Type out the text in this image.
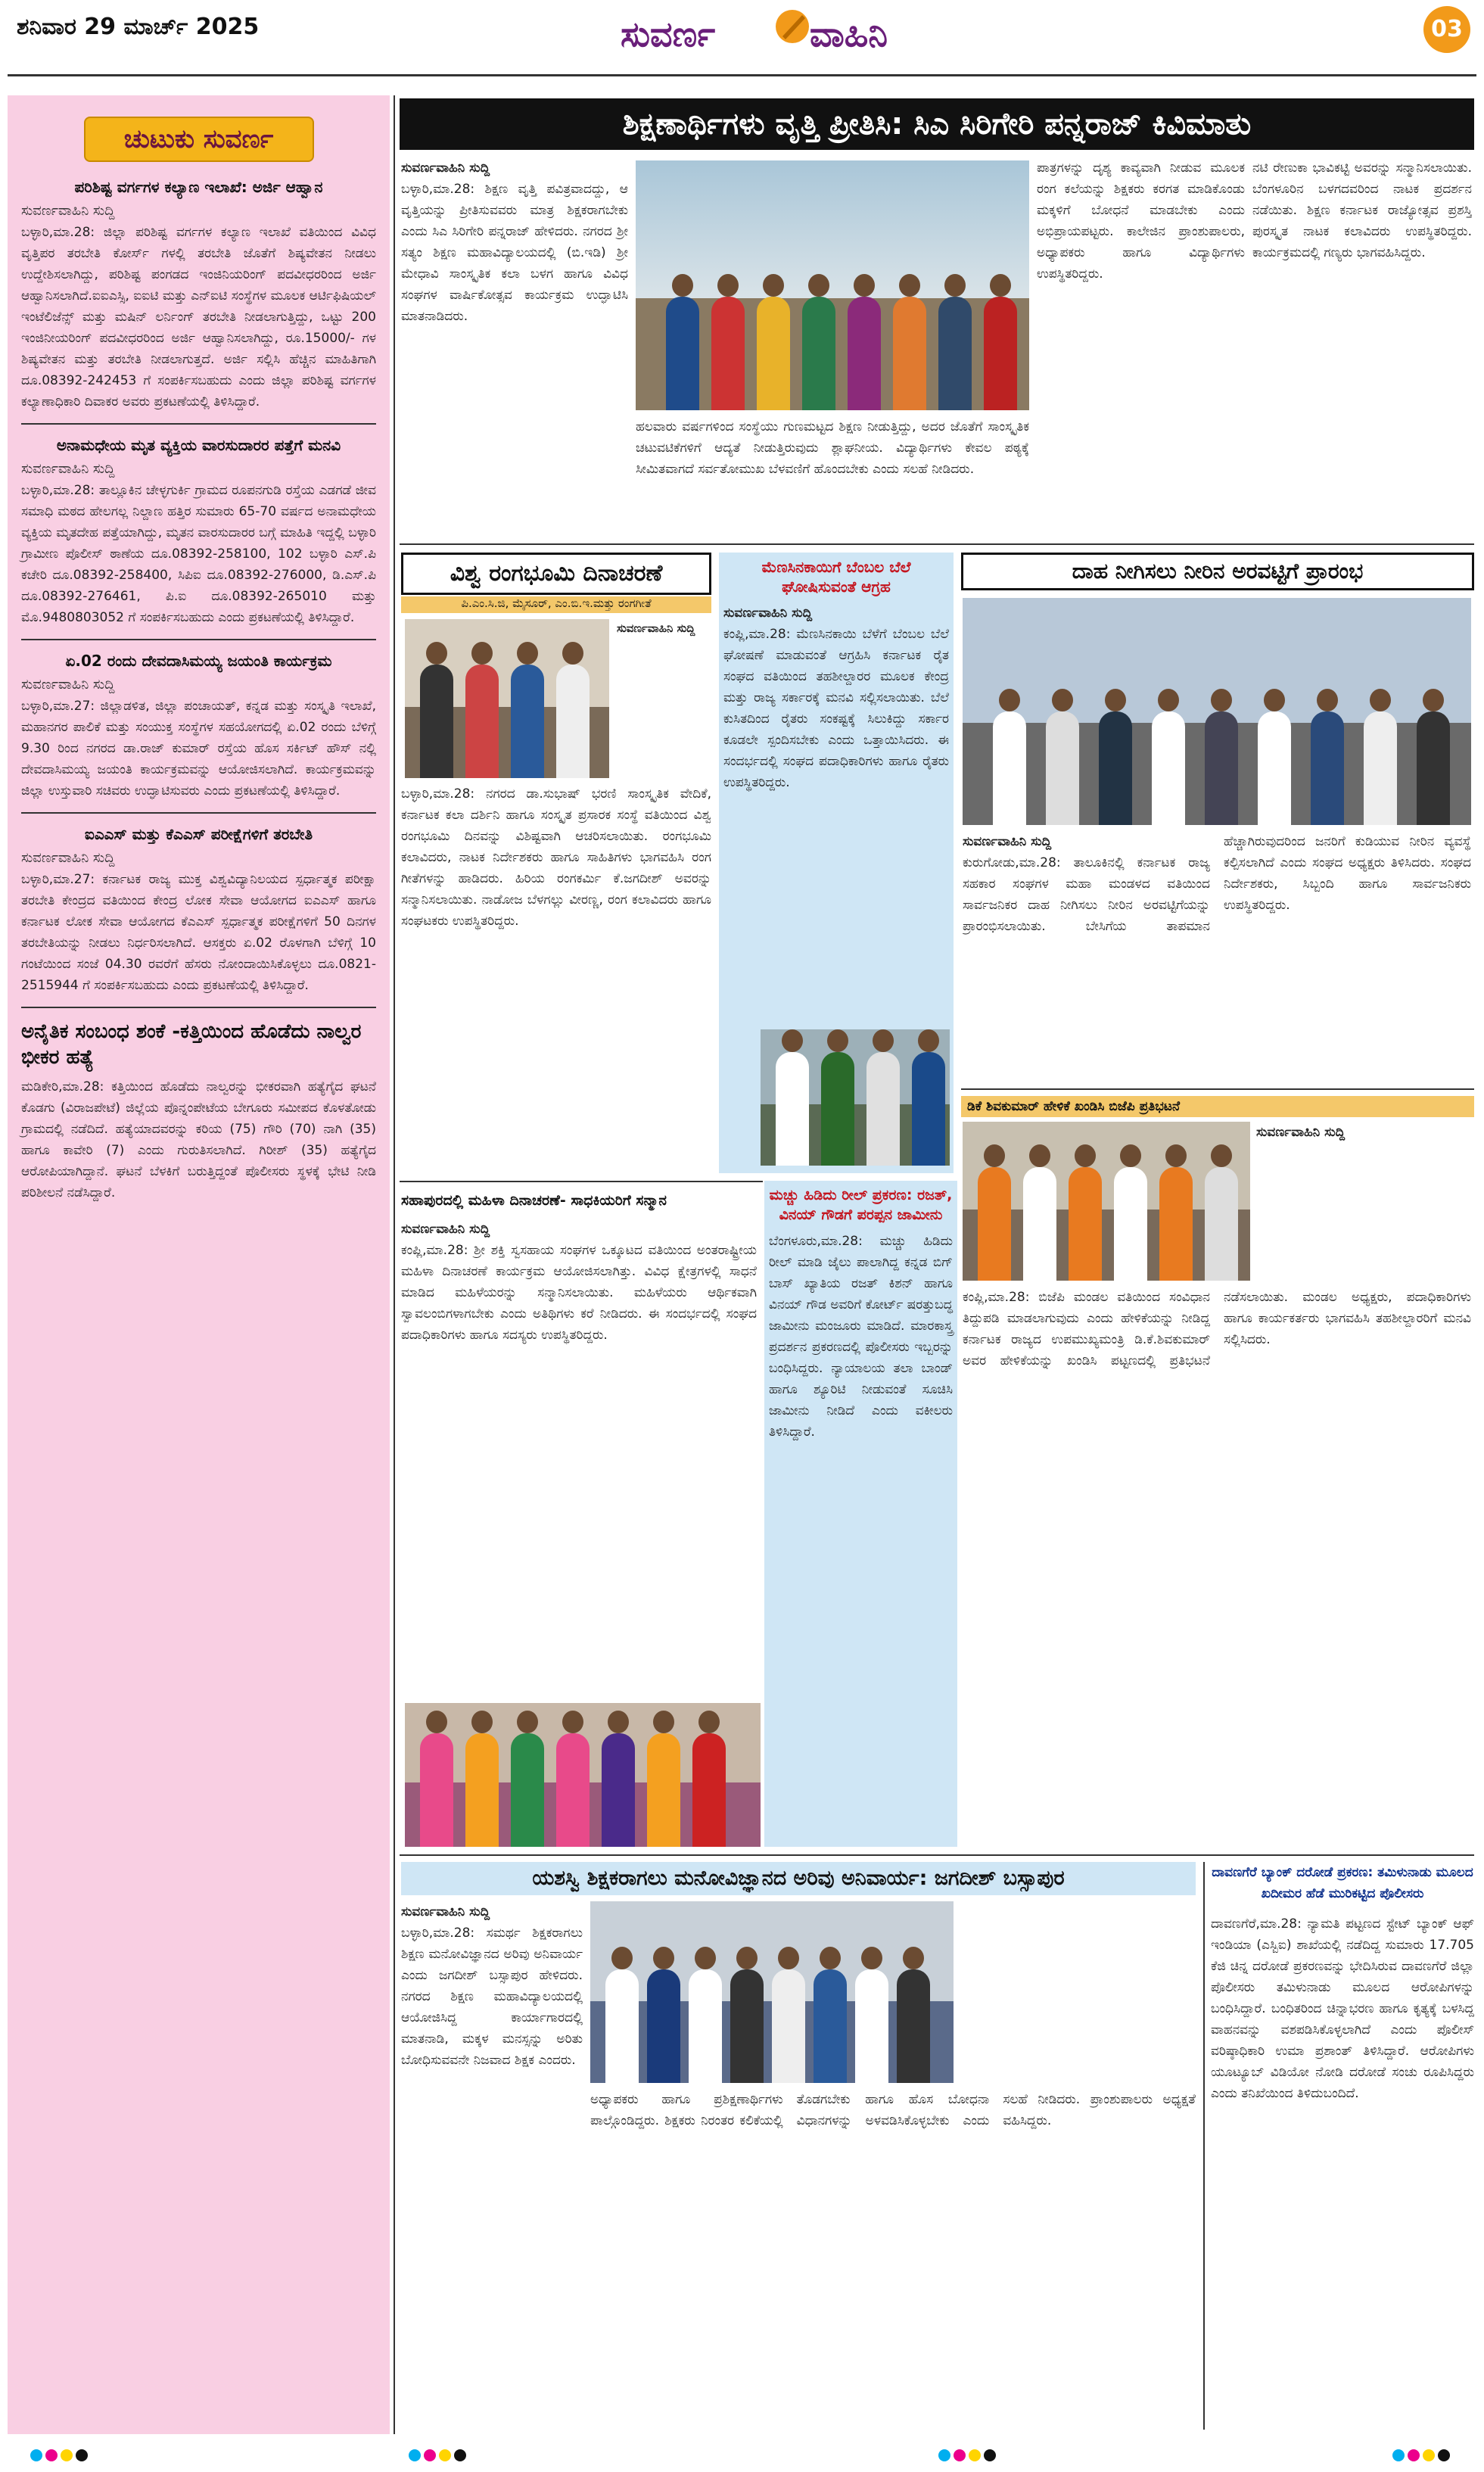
ಶನಿವಾರ 29 ಮಾರ್ಚ್ 2025	ಸುವರ್ಣ	ವಾಹಿನಿ	03
ಚುಟುಕು ಸುವರ್ಣ
ಪರಿಶಿಷ್ಟ ವರ್ಗಗಳ ಕಲ್ಯಾಣ ಇಲಾಖೆ: ಅರ್ಜಿ ಆಹ್ವಾನ
ಸುವರ್ಣವಾಹಿನಿ ಸುದ್ದಿ
ಬಳ್ಳಾರಿ,ಮಾ.28: ಜಿಲ್ಲಾ ಪರಿಶಿಷ್ಟ ವರ್ಗಗಳ ಕಲ್ಯಾಣ ಇಲಾಖೆ ವತಿಯಿಂದ ವಿವಿಧ ವೃತ್ತಿಪರ ತರಬೇತಿ ಕೋರ್ಸ್ ಗಳಲ್ಲಿ ತರಬೇತಿ ಜೊತೆಗೆ ಶಿಷ್ಯವೇತನ ನೀಡಲು ಉದ್ದೇಶಿಸಲಾಗಿದ್ದು, ಪರಿಶಿಷ್ಟ ಪಂಗಡದ ಇಂಜಿನಿಯರಿಂಗ್ ಪದವೀಧರರಿಂದ ಅರ್ಜಿ ಆಹ್ವಾನಿಸಲಾಗಿದೆ.ಐಐಎಸ್ಸಿ, ಐಐಟಿ ಮತ್ತು ಎನ್ಐಟಿ ಸಂಸ್ಥೆಗಳ ಮೂಲಕ ಆರ್ಟಿಫಿಷಿಯಲ್ ಇಂಟೆಲಿಜೆನ್ಸ್ ಮತ್ತು ಮಷಿನ್ ಲರ್ನಿಂಗ್ ತರಬೇತಿ ನೀಡಲಾಗುತ್ತಿದ್ದು, ಒಟ್ಟು 200 ಇಂಜಿನೀಯರಿಂಗ್ ಪದವೀಧರರಿಂದ ಅರ್ಜಿ ಆಹ್ವಾನಿಸಲಾಗಿದ್ದು, ರೂ.15000/- ಗಳ ಶಿಷ್ಯವೇತನ ಮತ್ತು ತರಬೇತಿ ನೀಡಲಾಗುತ್ತದೆ. ಅರ್ಜಿ ಸಲ್ಲಿಸಿ ಹೆಚ್ಚಿನ ಮಾಹಿತಿಗಾಗಿ ದೂ.08392-242453 ಗೆ ಸಂಪರ್ಕಿಸಬಹುದು ಎಂದು ಜಿಲ್ಲಾ ಪರಿಶಿಷ್ಟ ವರ್ಗಗಳ ಕಲ್ಯಾಣಾಧಿಕಾರಿ ದಿವಾಕರ ಅವರು ಪ್ರಕಟಣೆಯಲ್ಲಿ ತಿಳಿಸಿದ್ದಾರೆ.
ಅನಾಮಧೇಯ ಮೃತ ವ್ಯಕ್ತಿಯ ವಾರಸುದಾರರ ಪತ್ತೆಗೆ ಮನವಿ
ಸುವರ್ಣವಾಹಿನಿ ಸುದ್ದಿ
ಬಳ್ಳಾರಿ,ಮಾ.28: ತಾಲ್ಲೂಕಿನ ಚೇಳ್ಳಗುರ್ಕಿ ಗ್ರಾಮದ ರೂಪನಗುಡಿ ರಸ್ತೆಯ ಎಡಗಡೆ ಜೀವ ಸಮಾಧಿ ಮಠದ ಹೇಲಗಲ್ಲ ನಿಲ್ದಾಣ ಹತ್ತಿರ ಸುಮಾರು 65-70 ವರ್ಷದ ಅನಾಮಧೇಯ ವ್ಯಕ್ತಿಯ ಮೃತದೇಹ ಪತ್ತೆಯಾಗಿದ್ದು, ಮೃತನ ವಾರಸುದಾರರ ಬಗ್ಗೆ ಮಾಹಿತಿ ಇದ್ದಲ್ಲಿ ಬಳ್ಳಾರಿ ಗ್ರಾಮೀಣ ಪೊಲೀಸ್ ಠಾಣೆಯ ದೂ.08392-258100, 102 ಬಳ್ಳಾರಿ ಎಸ್.ಪಿ ಕಚೇರಿ ದೂ.08392-258400, ಸಿಪಿಐ ದೂ.08392-276000, ಡಿ.ಎಸ್.ಪಿ ದೂ.08392-276461, ಪಿ.ಐ ದೂ.08392-265010 ಮತ್ತು ಮೊ.9480803052 ಗೆ ಸಂಪರ್ಕಿಸಬಹುದು ಎಂದು ಪ್ರಕಟಣೆಯಲ್ಲಿ ತಿಳಿಸಿದ್ದಾರೆ.
ಏ.02 ರಂದು ದೇವದಾಸಿಮಯ್ಯ ಜಯಂತಿ ಕಾರ್ಯಕ್ರಮ
ಸುವರ್ಣವಾಹಿನಿ ಸುದ್ದಿ
ಬಳ್ಳಾರಿ,ಮಾ.27: ಜಿಲ್ಲಾಡಳಿತ, ಜಿಲ್ಲಾ ಪಂಚಾಯತ್, ಕನ್ನಡ ಮತ್ತು ಸಂಸ್ಕೃತಿ ಇಲಾಖೆ, ಮಹಾನಗರ ಪಾಲಿಕೆ ಮತ್ತು ಸಂಯುಕ್ತ ಸಂಸ್ಥೆಗಳ ಸಹಯೋಗದಲ್ಲಿ ಏ.02 ರಂದು ಬೆಳಿಗ್ಗೆ 9.30 ರಿಂದ ನಗರದ ಡಾ.ರಾಜ್ ಕುಮಾರ್ ರಸ್ತೆಯ ಹೊಸ ಸರ್ಕಿಟ್ ಹೌಸ್ ನಲ್ಲಿ ದೇವದಾಸಿಮಯ್ಯ ಜಯಂತಿ ಕಾರ್ಯಕ್ರಮವನ್ನು ಆಯೋಜಿಸಲಾಗಿದೆ. ಕಾರ್ಯಕ್ರಮವನ್ನು ಜಿಲ್ಲಾ ಉಸ್ತುವಾರಿ ಸಚಿವರು ಉದ್ಘಾಟಿಸುವರು ಎಂದು ಪ್ರಕಟಣೆಯಲ್ಲಿ ತಿಳಿಸಿದ್ದಾರೆ.
ಐಎಎಸ್ ಮತ್ತು ಕೆಎಎಸ್ ಪರೀಕ್ಷೆಗಳಿಗೆ ತರಬೇತಿ
ಸುವರ್ಣವಾಹಿನಿ ಸುದ್ದಿ
ಬಳ್ಳಾರಿ,ಮಾ.27: ಕರ್ನಾಟಕ ರಾಜ್ಯ ಮುಕ್ತ ವಿಶ್ವವಿದ್ಯಾನಿಲಯದ ಸ್ಪರ್ಧಾತ್ಮಕ ಪರೀಕ್ಷಾ ತರಬೇತಿ ಕೇಂದ್ರದ ವತಿಯಿಂದ ಕೇಂದ್ರ ಲೋಕ ಸೇವಾ ಆಯೋಗದ ಐಎಎಸ್ ಹಾಗೂ ಕರ್ನಾಟಕ ಲೋಕ ಸೇವಾ ಆಯೋಗದ ಕೆಎಎಸ್ ಸ್ಪರ್ಧಾತ್ಮಕ ಪರೀಕ್ಷೆಗಳಿಗೆ 50 ದಿನಗಳ ತರಬೇತಿಯನ್ನು ನೀಡಲು ನಿರ್ಧರಿಸಲಾಗಿದೆ. ಆಸಕ್ತರು ಏ.02 ರೊಳಗಾಗಿ ಬೆಳಿಗ್ಗೆ 10 ಗಂಟೆಯಿಂದ ಸಂಜೆ 04.30 ರವರೆಗೆ ಹೆಸರು ನೋಂದಾಯಿಸಿಕೊಳ್ಳಲು ದೂ.0821-2515944 ಗೆ ಸಂಪರ್ಕಿಸಬಹುದು ಎಂದು ಪ್ರಕಟಣೆಯಲ್ಲಿ ತಿಳಿಸಿದ್ದಾರೆ.
ಅನೈತಿಕ ಸಂಬಂಧ ಶಂಕೆ -ಕತ್ತಿಯಿಂದ ಹೊಡೆದು ನಾಲ್ವರ ಭೀಕರ ಹತ್ಯೆ
ಮಡಿಕೇರಿ,ಮಾ.28: ಕತ್ತಿಯಿಂದ ಹೊಡೆದು ನಾಲ್ವರನ್ನು ಭೀಕರವಾಗಿ ಹತ್ಯೆಗೈದ ಘಟನೆ ಕೊಡಗು (ವಿರಾಜಪೇಟೆ) ಜಿಲ್ಲೆಯ ಪೊನ್ನಂಪೇಟೆಯ ಬೇಗೂರು ಸಮೀಪದ ಕೊಳತೋಡು ಗ್ರಾಮದಲ್ಲಿ ನಡೆದಿದೆ. ಹತ್ಯೆಯಾದವರನ್ನು ಕರಿಯ (75) ಗೌರಿ (70) ನಾಗಿ (35) ಹಾಗೂ ಕಾವೇರಿ (7) ಎಂದು ಗುರುತಿಸಲಾಗಿದೆ. ಗಿರೀಶ್ (35) ಹತ್ಯೆಗೈದ ಆರೋಪಿಯಾಗಿದ್ದಾನೆ. ಘಟನೆ ಬೆಳಕಿಗೆ ಬರುತ್ತಿದ್ದಂತೆ ಪೊಲೀಸರು ಸ್ಥಳಕ್ಕೆ ಭೇಟಿ ನೀಡಿ ಪರಿಶೀಲನೆ ನಡೆಸಿದ್ದಾರೆ.
ಶಿಕ್ಷಣಾರ್ಥಿಗಳು ವೃತ್ತಿ ಪ್ರೀತಿಸಿ: ಸಿಎ ಸಿರಿಗೇರಿ ಪನ್ನರಾಜ್ ಕಿವಿಮಾತು
ಸುವರ್ಣವಾಹಿನಿ ಸುದ್ದಿ
ಬಳ್ಳಾರಿ,ಮಾ.28: ಶಿಕ್ಷಣ ವೃತ್ತಿ ಪವಿತ್ರವಾದದ್ದು, ಆ ವೃತ್ತಿಯನ್ನು ಪ್ರೀತಿಸುವವರು ಮಾತ್ರ ಶಿಕ್ಷಕರಾಗಬೇಕು ಎಂದು ಸಿಎ ಸಿರಿಗೇರಿ ಪನ್ನರಾಜ್ ಹೇಳಿದರು. ನಗರದ ಶ್ರೀ ಸತ್ಯಂ ಶಿಕ್ಷಣ ಮಹಾವಿದ್ಯಾಲಯದಲ್ಲಿ (ಬಿ.ಇಡಿ) ಶ್ರೀ ಮೇಧಾವಿ ಸಾಂಸ್ಕೃತಿಕ ಕಲಾ ಬಳಗ ಹಾಗೂ ವಿವಿಧ ಸಂಘಗಳ ವಾರ್ಷಿಕೋತ್ಸವ ಕಾರ್ಯಕ್ರಮ ಉದ್ಘಾಟಿಸಿ ಮಾತನಾಡಿದರು.
ಪಾತ್ರಗಳನ್ನು ದೃಶ್ಯ ಕಾವ್ಯವಾಗಿ ನೀಡುವ ಮೂಲಕ ರಂಗ ಕಲೆಯನ್ನು ಶಿಕ್ಷಕರು ಕರಗತ ಮಾಡಿಕೊಂಡು ಮಕ್ಕಳಿಗೆ ಬೋಧನೆ ಮಾಡಬೇಕು ಎಂದು ಅಭಿಪ್ರಾಯಪಟ್ಟರು. ಕಾಲೇಜಿನ ಪ್ರಾಂಶುಪಾಲರು, ಅಧ್ಯಾಪಕರು ಹಾಗೂ ವಿದ್ಯಾರ್ಥಿಗಳು ಉಪಸ್ಥಿತರಿದ್ದರು.
ನಟಿ ರೇಣುಕಾ ಭಾವಿಕಟ್ಟಿ ಅವರನ್ನು ಸನ್ಮಾನಿಸಲಾಯಿತು. ಬೆಂಗಳೂರಿನ ಬಳಗದವರಿಂದ ನಾಟಕ ಪ್ರದರ್ಶನ ನಡೆಯಿತು. ಶಿಕ್ಷಣ ಕರ್ನಾಟಕ ರಾಜ್ಯೋತ್ಸವ ಪ್ರಶಸ್ತಿ ಪುರಸ್ಕೃತ ನಾಟಕ ಕಲಾವಿದರು ಉಪಸ್ಥಿತರಿದ್ದರು. ಕಾರ್ಯಕ್ರಮದಲ್ಲಿ ಗಣ್ಯರು ಭಾಗವಹಿಸಿದ್ದರು.
ಹಲವಾರು ವರ್ಷಗಳಿಂದ ಸಂಸ್ಥೆಯು ಗುಣಮಟ್ಟದ ಶಿಕ್ಷಣ ನೀಡುತ್ತಿದ್ದು, ಅದರ ಜೊತೆಗೆ ಸಾಂಸ್ಕೃತಿಕ ಚಟುವಟಿಕೆಗಳಿಗೆ ಆದ್ಯತೆ ನೀಡುತ್ತಿರುವುದು ಶ್ಲಾಘನೀಯ. ವಿದ್ಯಾರ್ಥಿಗಳು ಕೇವಲ ಪಠ್ಯಕ್ಕೆ ಸೀಮಿತವಾಗದೆ ಸರ್ವತೋಮುಖ ಬೆಳವಣಿಗೆ ಹೊಂದಬೇಕು ಎಂದು ಸಲಹೆ ನೀಡಿದರು.
ವಿಶ್ವ ರಂಗಭೂಮಿ ದಿನಾಚರಣೆ
ಪಿ.ಎಂ.ಸಿ.ಜಿ, ಮೈಸೂರ್, ಎಂ.ಬಿ.ಇ.ಮತ್ತು ರಂಗಗೀತೆ
ಸುವರ್ಣವಾಹಿನಿ ಸುದ್ದಿ
ಬಳ್ಳಾರಿ,ಮಾ.28: ನಗರದ ಡಾ.ಸುಭಾಷ್ ಭರಣಿ ಸಾಂಸ್ಕೃತಿಕ ವೇದಿಕೆ, ಕರ್ನಾಟಕ ಕಲಾ ದರ್ಶಿನಿ ಹಾಗೂ ಸಂಸ್ಕೃತ ಪ್ರಸಾರಕ ಸಂಸ್ಥೆ ವತಿಯಿಂದ ವಿಶ್ವ ರಂಗಭೂಮಿ ದಿನವನ್ನು ವಿಶಿಷ್ಟವಾಗಿ ಆಚರಿಸಲಾಯಿತು. ರಂಗಭೂಮಿ ಕಲಾವಿದರು, ನಾಟಕ ನಿರ್ದೇಶಕರು ಹಾಗೂ ಸಾಹಿತಿಗಳು ಭಾಗವಹಿಸಿ ರಂಗ ಗೀತೆಗಳನ್ನು ಹಾಡಿದರು. ಹಿರಿಯ ರಂಗಕರ್ಮಿ ಕೆ.ಜಗದೀಶ್ ಅವರನ್ನು ಸನ್ಮಾನಿಸಲಾಯಿತು. ನಾಡೋಜ ಬೆಳಗಲ್ಲು ವೀರಣ್ಣ, ರಂಗ ಕಲಾವಿದರು ಹಾಗೂ ಸಂಘಟಕರು ಉಪಸ್ಥಿತರಿದ್ದರು.
ಮೆಣಸಿನಕಾಯಿಗೆ ಬೆಂಬಲ ಬೆಲೆ ಘೋಷಿಸುವಂತೆ ಆಗ್ರಹ
ಸುವರ್ಣವಾಹಿನಿ ಸುದ್ದಿ
ಕಂಪ್ಲಿ,ಮಾ.28: ಮೆಣಸಿನಕಾಯಿ ಬೆಳೆಗೆ ಬೆಂಬಲ ಬೆಲೆ ಘೋಷಣೆ ಮಾಡುವಂತೆ ಆಗ್ರಹಿಸಿ ಕರ್ನಾಟಕ ರೈತ ಸಂಘದ ವತಿಯಿಂದ ತಹಶೀಲ್ದಾರರ ಮೂಲಕ ಕೇಂದ್ರ ಮತ್ತು ರಾಜ್ಯ ಸರ್ಕಾರಕ್ಕೆ ಮನವಿ ಸಲ್ಲಿಸಲಾಯಿತು. ಬೆಲೆ ಕುಸಿತದಿಂದ ರೈತರು ಸಂಕಷ್ಟಕ್ಕೆ ಸಿಲುಕಿದ್ದು ಸರ್ಕಾರ ಕೂಡಲೇ ಸ್ಪಂದಿಸಬೇಕು ಎಂದು ಒತ್ತಾಯಿಸಿದರು. ಈ ಸಂದರ್ಭದಲ್ಲಿ ಸಂಘದ ಪದಾಧಿಕಾರಿಗಳು ಹಾಗೂ ರೈತರು ಉಪಸ್ಥಿತರಿದ್ದರು.
ದಾಹ ನೀಗಿಸಲು ನೀರಿನ ಅರವಟ್ಟಿಗೆ ಪ್ರಾರಂಭ
ಸುವರ್ಣವಾಹಿನಿ ಸುದ್ದಿ
ಕುರುಗೋಡು,ಮಾ.28: ತಾಲೂಕಿನಲ್ಲಿ ಕರ್ನಾಟಕ ರಾಜ್ಯ ಸಹಕಾರ ಸಂಘಗಳ ಮಹಾ ಮಂಡಳದ ವತಿಯಿಂದ ಸಾರ್ವಜನಿಕರ ದಾಹ ನೀಗಿಸಲು ನೀರಿನ ಅರವಟ್ಟಿಗೆಯನ್ನು ಪ್ರಾರಂಭಿಸಲಾಯಿತು. ಬೇಸಿಗೆಯ ತಾಪಮಾನ ಹೆಚ್ಚಾಗಿರುವುದರಿಂದ ಜನರಿಗೆ ಕುಡಿಯುವ ನೀರಿನ ವ್ಯವಸ್ಥೆ ಕಲ್ಪಿಸಲಾಗಿದೆ ಎಂದು ಸಂಘದ ಅಧ್ಯಕ್ಷರು ತಿಳಿಸಿದರು. ಸಂಘದ ನಿರ್ದೇಶಕರು, ಸಿಬ್ಬಂದಿ ಹಾಗೂ ಸಾರ್ವಜನಿಕರು ಉಪಸ್ಥಿತರಿದ್ದರು.
ಡಿಕೆ ಶಿವಕುಮಾರ್ ಹೇಳಿಕೆ ಖಂಡಿಸಿ ಬಿಜೆಪಿ ಪ್ರತಿಭಟನೆ
ಸುವರ್ಣವಾಹಿನಿ ಸುದ್ದಿ
ಕಂಪ್ಲಿ,ಮಾ.28: ಬಿಜೆಪಿ ಮಂಡಲ ವತಿಯಿಂದ ಸಂವಿಧಾನ ತಿದ್ದುಪಡಿ ಮಾಡಲಾಗುವುದು ಎಂದು ಹೇಳಿಕೆಯನ್ನು ನೀಡಿದ್ದ ಕರ್ನಾಟಕ ರಾಜ್ಯದ ಉಪಮುಖ್ಯಮಂತ್ರಿ ಡಿ.ಕೆ.ಶಿವಕುಮಾರ್ ಅವರ ಹೇಳಿಕೆಯನ್ನು ಖಂಡಿಸಿ ಪಟ್ಟಣದಲ್ಲಿ ಪ್ರತಿಭಟನೆ ನಡೆಸಲಾಯಿತು. ಮಂಡಲ ಅಧ್ಯಕ್ಷರು, ಪದಾಧಿಕಾರಿಗಳು ಹಾಗೂ ಕಾರ್ಯಕರ್ತರು ಭಾಗವಹಿಸಿ ತಹಶೀಲ್ದಾರರಿಗೆ ಮನವಿ ಸಲ್ಲಿಸಿದರು.
ಸಹಾಪುರದಲ್ಲಿ ಮಹಿಳಾ ದಿನಾಚರಣೆ- ಸಾಧಕಿಯರಿಗೆ ಸನ್ಮಾನ
ಸುವರ್ಣವಾಹಿನಿ ಸುದ್ದಿ
ಕಂಪ್ಲಿ,ಮಾ.28: ಶ್ರೀ ಶಕ್ತಿ ಸ್ವಸಹಾಯ ಸಂಘಗಳ ಒಕ್ಕೂಟದ ವತಿಯಿಂದ ಅಂತರಾಷ್ಟ್ರೀಯ ಮಹಿಳಾ ದಿನಾಚರಣೆ ಕಾರ್ಯಕ್ರಮ ಆಯೋಜಿಸಲಾಗಿತ್ತು. ವಿವಿಧ ಕ್ಷೇತ್ರಗಳಲ್ಲಿ ಸಾಧನೆ ಮಾಡಿದ ಮಹಿಳೆಯರನ್ನು ಸನ್ಮಾನಿಸಲಾಯಿತು. ಮಹಿಳೆಯರು ಆರ್ಥಿಕವಾಗಿ ಸ್ವಾವಲಂಬಿಗಳಾಗಬೇಕು ಎಂದು ಅತಿಥಿಗಳು ಕರೆ ನೀಡಿದರು. ಈ ಸಂದರ್ಭದಲ್ಲಿ ಸಂಘದ ಪದಾಧಿಕಾರಿಗಳು ಹಾಗೂ ಸದಸ್ಯರು ಉಪಸ್ಥಿತರಿದ್ದರು.
ಮಚ್ಚು ಹಿಡಿದು ರೀಲ್ ಪ್ರಕರಣ: ರಜತ್, ವಿನಯ್ ಗೌಡಗೆ ಪರಪ್ಪನ ಜಾಮೀನು
ಬೆಂಗಳೂರು,ಮಾ.28: ಮಚ್ಚು ಹಿಡಿದು ರೀಲ್ ಮಾಡಿ ಜೈಲು ಪಾಲಾಗಿದ್ದ ಕನ್ನಡ ಬಿಗ್ ಬಾಸ್ ಖ್ಯಾತಿಯ ರಜತ್ ಕಿಶನ್ ಹಾಗೂ ವಿನಯ್ ಗೌಡ ಅವರಿಗೆ ಕೋರ್ಟ್ ಷರತ್ತುಬದ್ಧ ಜಾಮೀನು ಮಂಜೂರು ಮಾಡಿದೆ. ಮಾರಕಾಸ್ತ್ರ ಪ್ರದರ್ಶನ ಪ್ರಕರಣದಲ್ಲಿ ಪೊಲೀಸರು ಇಬ್ಬರನ್ನು ಬಂಧಿಸಿದ್ದರು. ನ್ಯಾಯಾಲಯ ತಲಾ ಬಾಂಡ್ ಹಾಗೂ ಶ್ಯೂರಿಟಿ ನೀಡುವಂತೆ ಸೂಚಿಸಿ ಜಾಮೀನು ನೀಡಿದೆ ಎಂದು ವಕೀಲರು ತಿಳಿಸಿದ್ದಾರೆ.
ಯಶಸ್ವಿ ಶಿಕ್ಷಕರಾಗಲು ಮನೋವಿಜ್ಞಾನದ ಅರಿವು ಅನಿವಾರ್ಯ: ಜಗದೀಶ್ ಬಸ್ಸಾಪುರ
ಸುವರ್ಣವಾಹಿನಿ ಸುದ್ದಿ
ಬಳ್ಳಾರಿ,ಮಾ.28: ಸಮರ್ಥ ಶಿಕ್ಷಕರಾಗಲು ಶಿಕ್ಷಣ ಮನೋವಿಜ್ಞಾನದ ಅರಿವು ಅನಿವಾರ್ಯ ಎಂದು ಜಗದೀಶ್ ಬಸ್ಸಾಪುರ ಹೇಳಿದರು. ನಗರದ ಶಿಕ್ಷಣ ಮಹಾವಿದ್ಯಾಲಯದಲ್ಲಿ ಆಯೋಜಿಸಿದ್ದ ಕಾರ್ಯಾಗಾರದಲ್ಲಿ ಮಾತನಾಡಿ, ಮಕ್ಕಳ ಮನಸ್ಸನ್ನು ಅರಿತು ಬೋಧಿಸುವವನೇ ನಿಜವಾದ ಶಿಕ್ಷಕ ಎಂದರು.
ಅಧ್ಯಾಪಕರು ಹಾಗೂ ಪ್ರಶಿಕ್ಷಣಾರ್ಥಿಗಳು ಪಾಲ್ಗೊಂಡಿದ್ದರು. ಶಿಕ್ಷಕರು ನಿರಂತರ ಕಲಿಕೆಯಲ್ಲಿ ತೊಡಗಬೇಕು ಹಾಗೂ ಹೊಸ ಬೋಧನಾ ವಿಧಾನಗಳನ್ನು ಅಳವಡಿಸಿಕೊಳ್ಳಬೇಕು ಎಂದು ಸಲಹೆ ನೀಡಿದರು. ಪ್ರಾಂಶುಪಾಲರು ಅಧ್ಯಕ್ಷತೆ ವಹಿಸಿದ್ದರು.
ದಾವಣಗೆರೆ ಬ್ಯಾಂಕ್ ದರೋಡೆ ಪ್ರಕರಣ: ತಮಿಳುನಾಡು ಮೂಲದ ಖದೀಮರ ಹೆಡೆ ಮುರಿಕಟ್ಟಿದ ಪೊಲೀಸರು
ದಾವಣಗೆರೆ,ಮಾ.28: ನ್ಯಾಮತಿ ಪಟ್ಟಣದ ಸ್ಟೇಟ್ ಬ್ಯಾಂಕ್ ಆಫ್ ಇಂಡಿಯಾ (ಎಸ್ಬಿಐ) ಶಾಖೆಯಲ್ಲಿ ನಡೆದಿದ್ದ ಸುಮಾರು 17.705 ಕೆಜಿ ಚಿನ್ನ ದರೋಡೆ ಪ್ರಕರಣವನ್ನು ಭೇದಿಸಿರುವ ದಾವಣಗೆರೆ ಜಿಲ್ಲಾ ಪೊಲೀಸರು ತಮಿಳುನಾಡು ಮೂಲದ ಆರೋಪಿಗಳನ್ನು ಬಂಧಿಸಿದ್ದಾರೆ. ಬಂಧಿತರಿಂದ ಚಿನ್ನಾಭರಣ ಹಾಗೂ ಕೃತ್ಯಕ್ಕೆ ಬಳಸಿದ್ದ ವಾಹನವನ್ನು ವಶಪಡಿಸಿಕೊಳ್ಳಲಾಗಿದೆ ಎಂದು ಪೊಲೀಸ್ ವರಿಷ್ಠಾಧಿಕಾರಿ ಉಮಾ ಪ್ರಶಾಂತ್ ತಿಳಿಸಿದ್ದಾರೆ. ಆರೋಪಿಗಳು ಯೂಟ್ಯೂಬ್ ವಿಡಿಯೋ ನೋಡಿ ದರೋಡೆ ಸಂಚು ರೂಪಿಸಿದ್ದರು ಎಂದು ತನಿಖೆಯಿಂದ ತಿಳಿದುಬಂದಿದೆ.
